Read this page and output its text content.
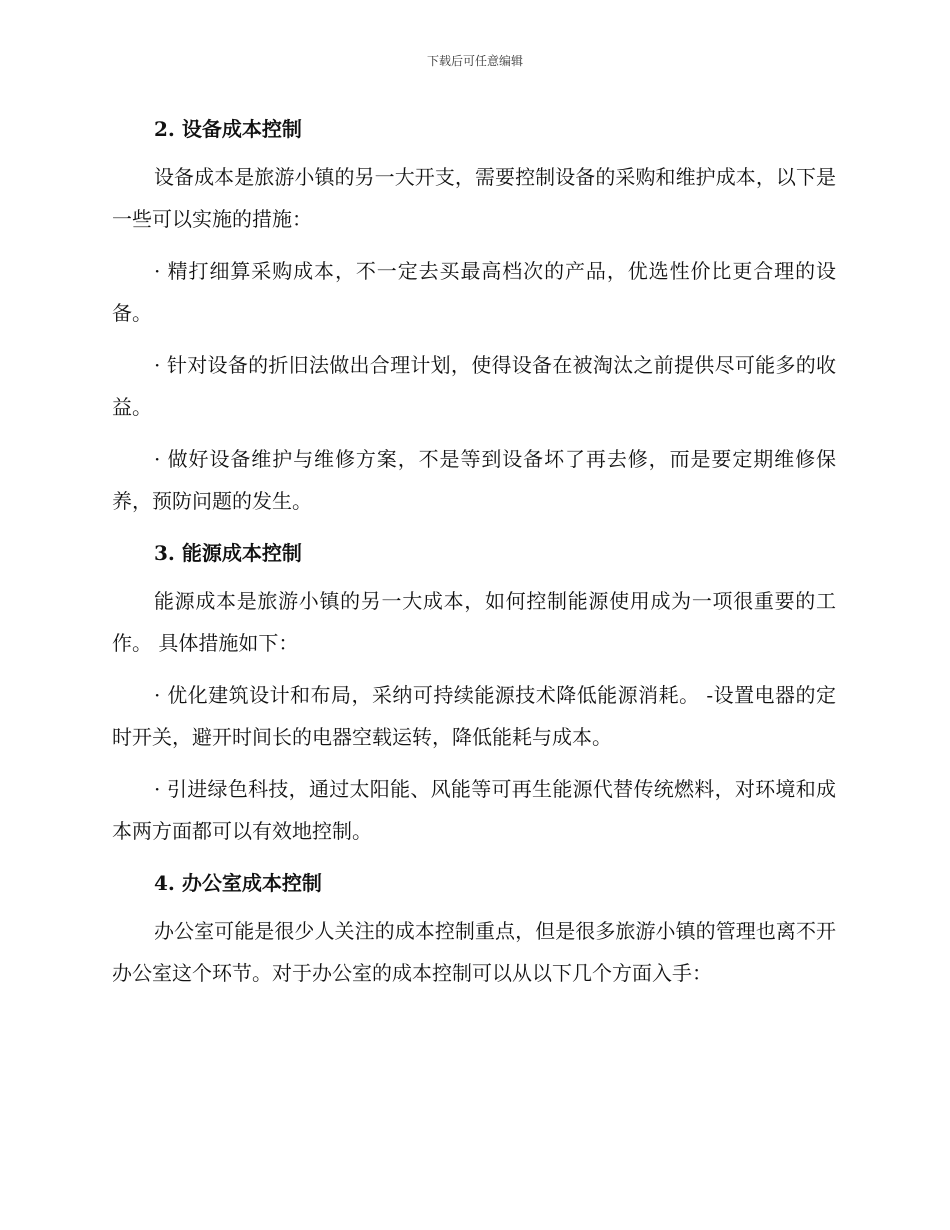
下载后可任意编辑
2. 设备成本控制

设备成本是旅游小镇的另一大开支，需要控制设备的采购和维护成本，以下是一些可以实施的措施：

· 精打细算采购成本，不一定去买最高档次的产品，优选性价比更合理的设备。

· 针对设备的折旧法做出合理计划，使得设备在被淘汰之前提供尽可能多的收益。

· 做好设备维护与维修方案，不是等到设备坏了再去修，而是要定期维修保养，预防问题的发生。

3. 能源成本控制

能源成本是旅游小镇的另一大成本，如何控制能源使用成为一项很重要的工作。 具体措施如下：

· 优化建筑设计和布局，采纳可持续能源技术降低能源消耗。 -设置电器的定时开关，避开时间长的电器空载运转，降低能耗与成本。

· 引进绿色科技，通过太阳能、风能等可再生能源代替传统燃料，对环境和成本两方面都可以有效地控制。

4. 办公室成本控制

办公室可能是很少人关注的成本控制重点，但是很多旅游小镇的管理也离不开办公室这个环节。对于办公室的成本控制可以从以下几个方面入手：
